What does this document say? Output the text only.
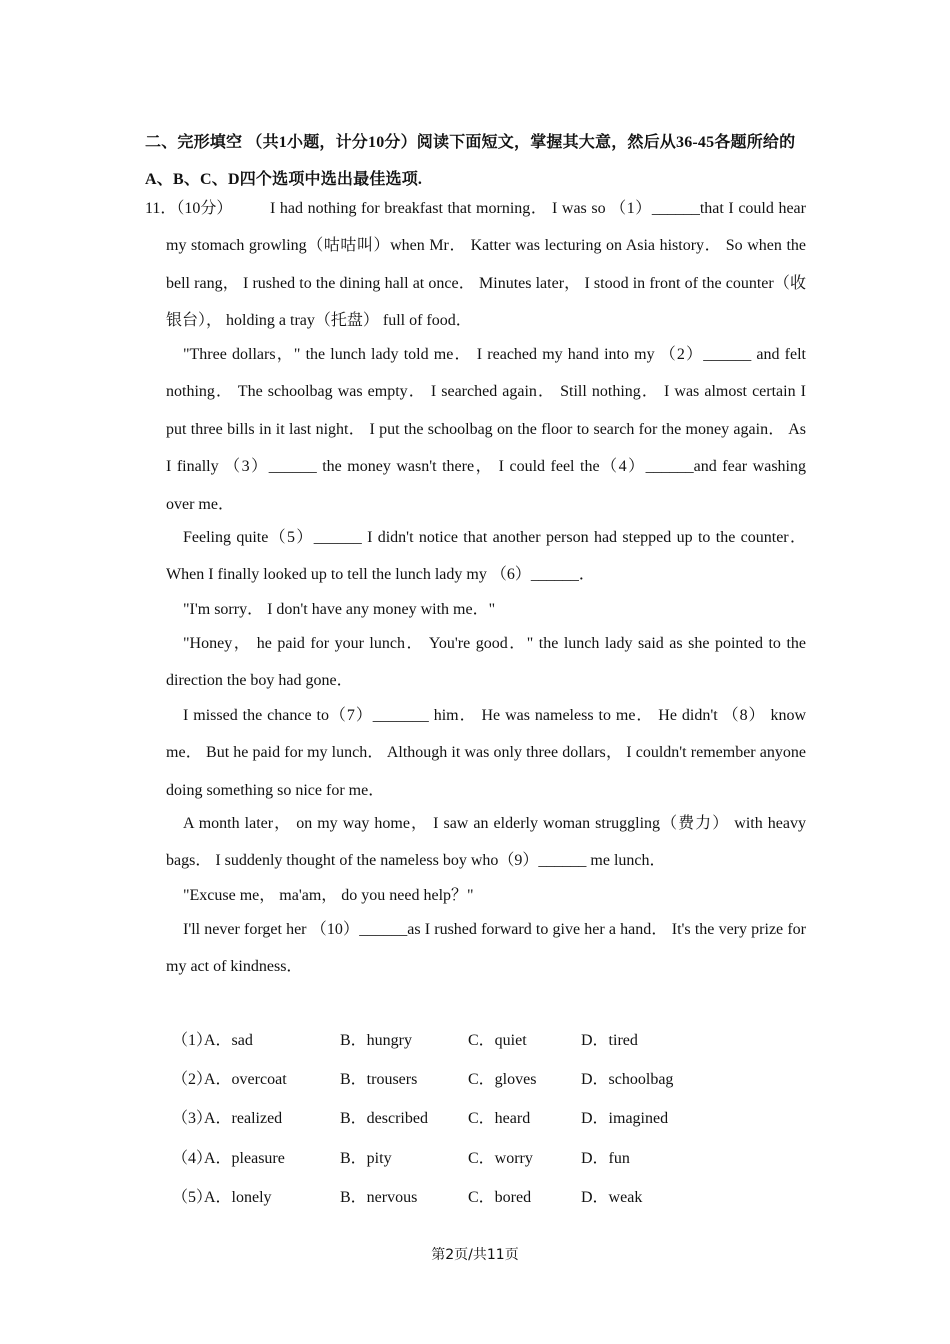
二、完形填空 （共1小题，计分10分）阅读下面短文，掌握其大意，然后从36-45各题所给的A、B、C、D四个选项中选出最佳选项.
11．（10分）	I had nothing for breakfast that morning． I was so （1）______that I could hear my stomach growling（咕咕叫）when Mr． Katter was lecturing on Asia history． So when the bell rang， I rushed to the dining hall at once． Minutes later， I stood in front of the counter（收银台）， holding a tray（托盘） full of food．
"Three dollars，" the lunch lady told me． I reached my hand into my （2）______ and felt nothing． The schoolbag was empty． I searched again． Still nothing． I was almost certain I put three bills in it last night． I put the schoolbag on the floor to search for the money again． As I finally （3）______ the money wasn't there， I could feel the（4）______and fear washing over me．
Feeling quite（5）______ I didn't notice that another person had stepped up to the counter． When I finally looked up to tell the lunch lady my （6）______．
"I'm sorry． I don't have any money with me．"
"Honey， he paid for your lunch． You're good．" the lunch lady said as she pointed to the direction the boy had gone．
I missed the chance to（7）_______ him． He was nameless to me． He didn't （8） know me． But he paid for my lunch． Although it was only three dollars， I couldn't remember anyone doing something so nice for me．
A month later， on my way home， I saw an elderly woman struggling（费力） with heavy bags． I suddenly thought of the nameless boy who（9）______ me lunch．
"Excuse me， ma'am， do you need help？"
I'll never forget her （10）______as I rushed forward to give her a hand． It's the very prize for my act of kindness．
（1）
A．sad	B．hungry	C．quiet	D．tired
（2）
A．overcoat	B．trousers	C．gloves	D．schoolbag
（3）
A．realized	B．described	C．heard	D．imagined
（4）
A．pleasure	B．pity	C．worry	D．fun
（5）
A．lonely	B．nervous	C．bored	D．weak
第2页/共11页
